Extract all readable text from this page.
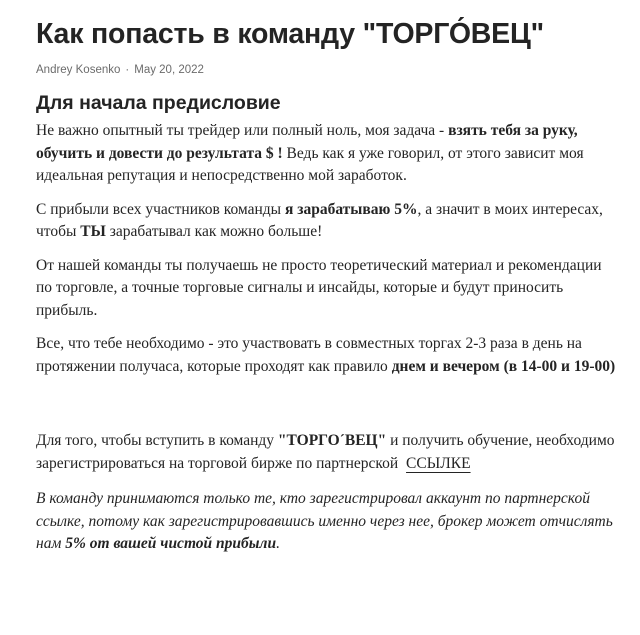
Как попасть в команду "ТОРГО́ВЕЦ"
Andrey Kosenko · May 20, 2022
Для начала предисловие

Не важно опытный ты трейдер или полный ноль, моя задача - взять тебя за руку, обучить и довести до результата $ ! Ведь как я уже говорил, от этого зависит моя идеальная репутация и непосредственно мой заработок.

С прибыли всех участников команды я зарабатываю 5%, а значит в моих интересах, чтобы ТЫ зарабатывал как можно больше!

От нашей команды ты получаешь не просто теоретический материал и рекомендации по торговле, а точные торговые сигналы и инсайды, которые и будут приносить прибыль.

Все, что тебе необходимо - это участвовать в совместных торгах 2-3 раза в день на протяжении получаса, которые проходят как правило днем и вечером (в 14-00 и 19-00)

Для того, чтобы вступить в команду "ТОРГО´ВЕЦ" и получить обучение, необходимо зарегистрироваться на торговой бирже по партнерской ССЫЛКЕ

В команду принимаются только те, кто зарегистрировал аккаунт по партнерской ссылке, потому как зарегистрировавшись именно через нее, брокер может отчислять нам 5% от вашей чистой прибыли.
